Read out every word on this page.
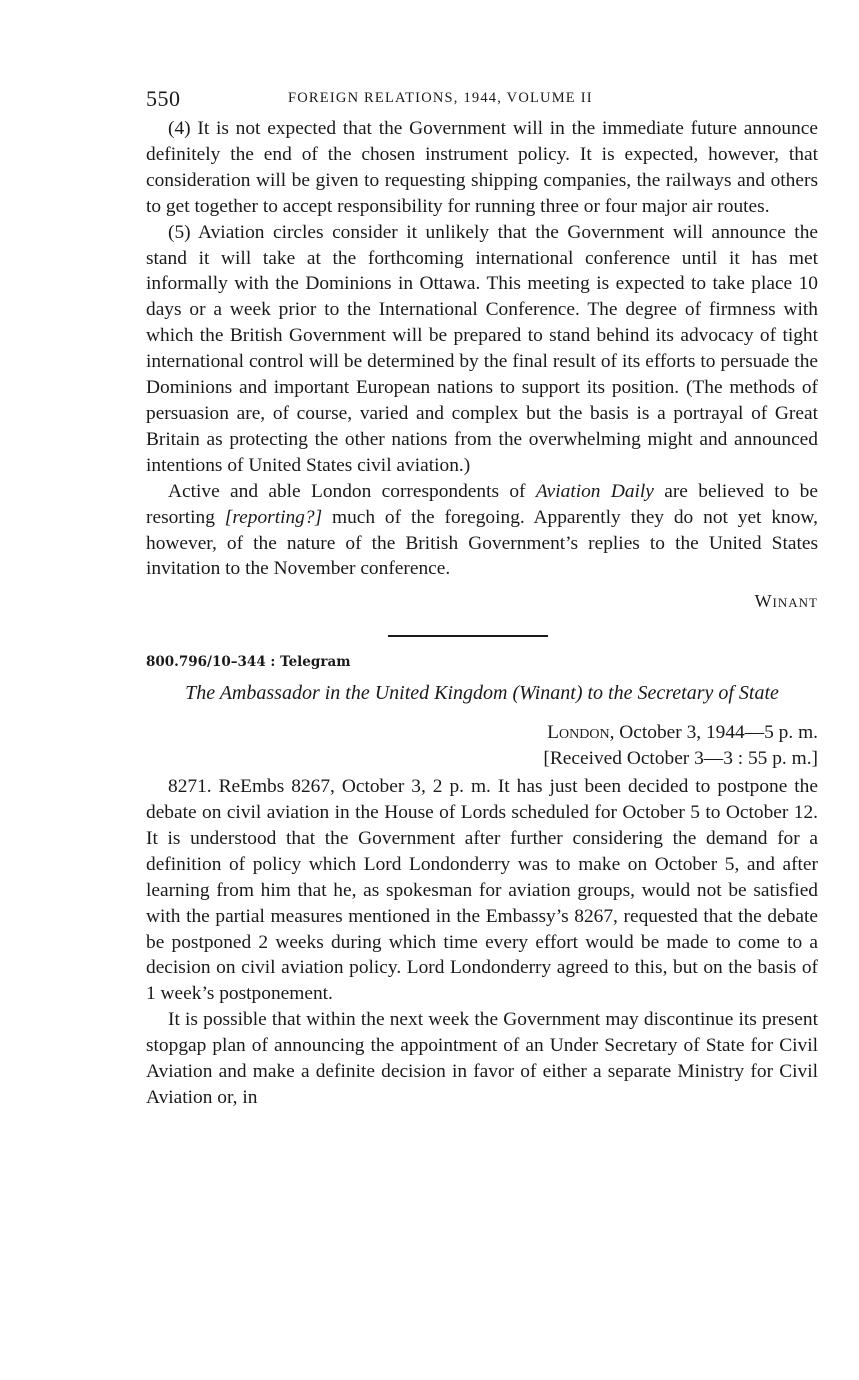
550	FOREIGN RELATIONS, 1944, VOLUME II

(4) It is not expected that the Government will in the immediate future announce definitely the end of the chosen instrument policy. It is expected, however, that consideration will be given to requesting shipping companies, the railways and others to get together to accept responsibility for running three or four major air routes.

(5) Aviation circles consider it unlikely that the Government will announce the stand it will take at the forthcoming international conference until it has met informally with the Dominions in Ottawa. This meeting is expected to take place 10 days or a week prior to the International Conference. The degree of firmness with which the British Government will be prepared to stand behind its advocacy of tight international control will be determined by the final result of its efforts to persuade the Dominions and important European nations to support its position. (The methods of persuasion are, of course, varied and complex but the basis is a portrayal of Great Britain as protecting the other nations from the overwhelming might and announced intentions of United States civil aviation.)

Active and able London correspondents of Aviation Daily are believed to be resorting [reporting?] much of the foregoing. Apparently they do not yet know, however, of the nature of the British Government’s replies to the United States invitation to the November conference.

Winant
800.796/10–344 : Telegram
The Ambassador in the United Kingdom (Winant) to the Secretary of State
London, October 3, 1944—5 p. m.
[Received October 3—3 : 55 p. m.]

8271. ReEmbs 8267, October 3, 2 p. m. It has just been decided to postpone the debate on civil aviation in the House of Lords scheduled for October 5 to October 12. It is understood that the Government after further considering the demand for a definition of policy which Lord Londonderry was to make on October 5, and after learning from him that he, as spokesman for aviation groups, would not be satisfied with the partial measures mentioned in the Embassy’s 8267, requested that the debate be postponed 2 weeks during which time every effort would be made to come to a decision on civil aviation policy. Lord Londonderry agreed to this, but on the basis of 1 week’s postponement.

It is possible that within the next week the Government may discontinue its present stopgap plan of announcing the appointment of an Under Secretary of State for Civil Aviation and make a definite decision in favor of either a separate Ministry for Civil Aviation or, in
